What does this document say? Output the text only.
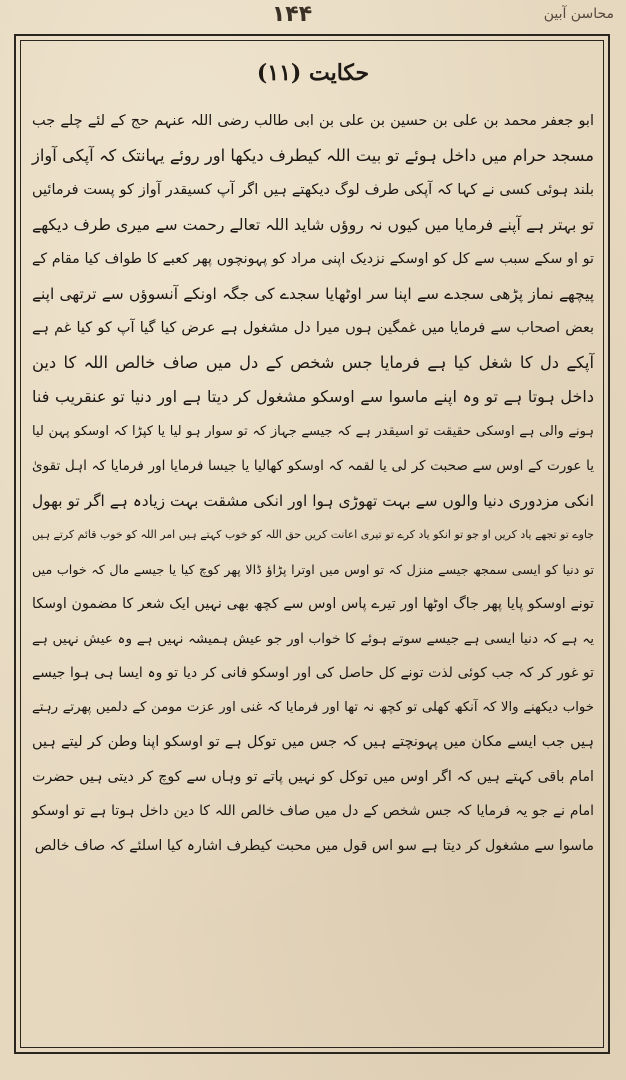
۱۴۴	محاسن آبین
حکایت (۱۱)
ابو جعفر محمد بن علی بن حسین بن علی بن ابی طالب رضی اللہ عنہم حج کے لئے چلے جب
مسجد حرام میں داخل ہوئے تو بیت اللہ کیطرف دیکھا اور روئے یہانتک کہ آپکی آواز
بلند ہوئی کسی نے کہا کہ آپکی طرف لوگ دیکھتے ہیں اگر آپ کسیقدر آواز کو پست فرمائیں
تو بہتر ہے آپنے فرمایا میں کیوں نہ روؤں شاید اللہ تعالے رحمت سے میری طرف دیکھے
تو او سکے سبب سے کل کو اوسکے نزدیک اپنی مراد کو پہونچوں پھر کعبے کا طواف کیا مقام کے
پیچھے نماز پڑھی سجدے سے اپنا سر اوٹھایا سجدے کی جگہ اونکے آنسوؤں سے ترتھی اپنے
بعض اصحاب سے فرمایا میں غمگین ہوں میرا دل مشغول ہے عرض کیا گیا آپ کو کیا غم ہے
آپکے دل کا شغل کیا ہے فرمایا جس شخص کے دل میں صاف خالص اللہ کا دین
داخل ہوتا ہے تو وہ اپنے ماسوا سے اوسکو مشغول کر دیتا ہے اور دنیا تو عنقریب فنا
ہونے والی ہے اوسکی حقیقت تو اسیقدر ہے کہ جیسے جہاز کہ تو سوار ہو لیا یا کپڑا کہ اوسکو پہن لیا
یا عورت کے اوس سے صحبت کر لی یا لقمہ کہ اوسکو کھالیا یا جیسا فرمایا اور فرمایا کہ اہل تقویٰ
انکی مزدوری دنیا والوں سے بہت تھوڑی ہوا اور انکی مشقت بہت زیادہ ہے اگر تو بھول
جاوے تو تجھے یاد کریں او جو تو انکو یاد کرے تو تیری اعانت کریں حق اللہ کو خوب کہتے ہیں امر اللہ کو خوب قائم کرتے ہیں
تو دنیا کو ایسی سمجھ جیسے منزل کہ تو اوس میں اوترا پڑاؤ ڈالا پھر کوچ کیا یا جیسے مال کہ خواب میں
تونے اوسکو پایا پھر جاگ اوٹھا اور تیرے پاس اوس سے کچھ بھی نہیں ایک شعر کا مضمون اوسکا
یہ ہے کہ دنیا ایسی ہے جیسے سوتے ہوئے کا خواب اور جو عیش ہمیشہ نہیں ہے وہ عیش نہیں ہے
تو غور کر کہ جب کوئی لذت تونے کل حاصل کی اور اوسکو فانی کر دیا تو وہ ایسا ہی ہوا جیسے
خواب دیکھنے والا کہ آنکھ کھلی تو کچھ نہ تھا اور فرمایا کہ غنی اور عزت مومن کے دلمیں پھرتے رہتے
ہیں جب ایسے مکان میں پہونچتے ہیں کہ جس میں توکل ہے تو اوسکو اپنا وطن کر لیتے ہیں
امام باقی کہتے ہیں کہ اگر اوس میں توکل کو نہیں پاتے تو وہاں سے کوچ کر دیتی ہیں حضرت
امام نے جو یہ فرمایا کہ جس شخص کے دل میں صاف خالص اللہ کا دین داخل ہوتا ہے تو اوسکو
ماسوا سے مشغول کر دیتا ہے سو اس قول میں محبت کیطرف اشارہ کیا اسلئے کہ صاف خالص
